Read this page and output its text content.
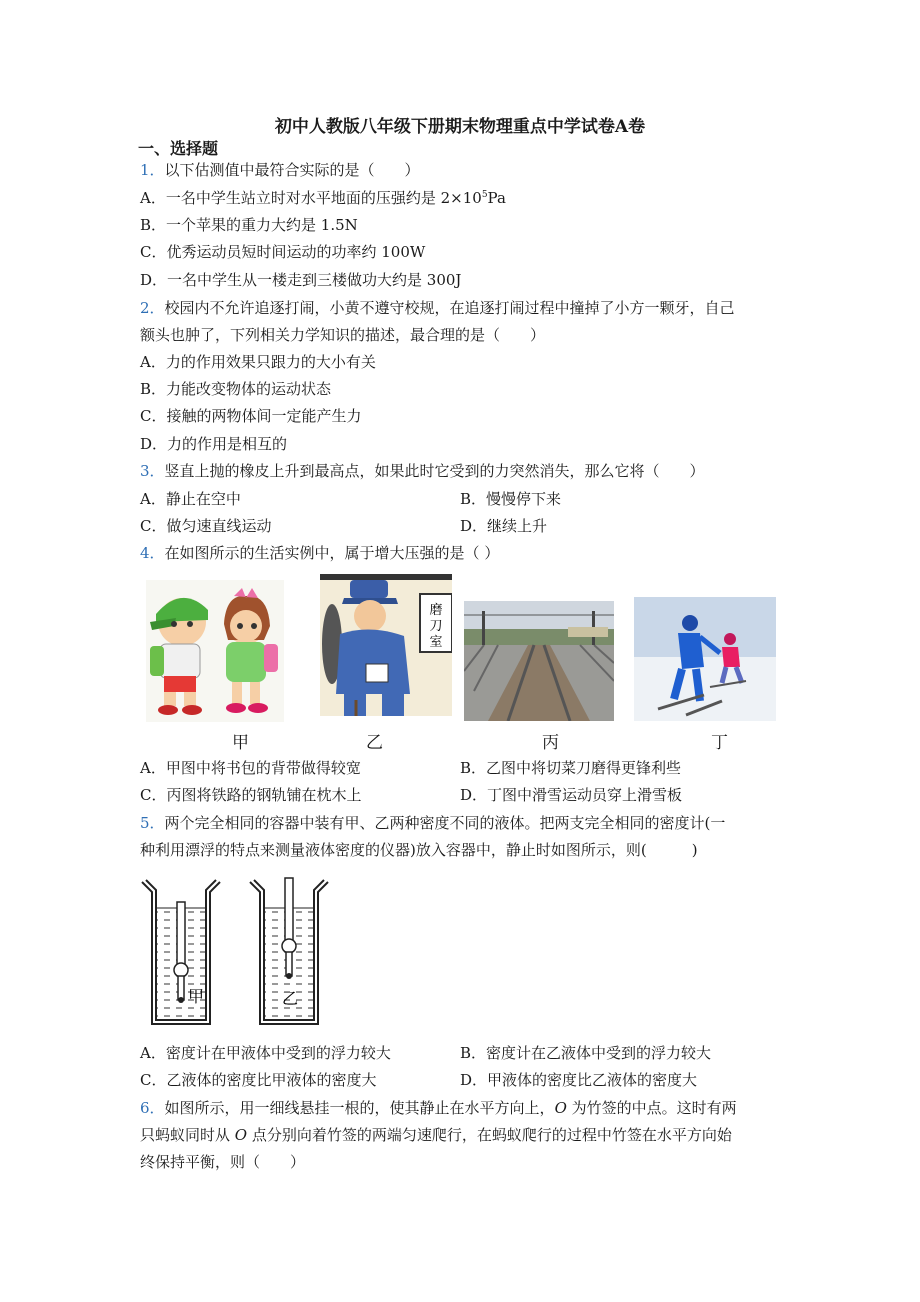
初中人教版八年级下册期末物理重点中学试卷A卷
一、选择题
1．以下估测值中最符合实际的是（　　）
A．一名中学生站立时对水平地面的压强约是 $2\times 10^5Pa$
B．一个苹果的重力大约是 1.5N
C．优秀运动员短时间运动的功率约 100W
D．一名中学生从一楼走到三楼做功大约是 300J
2．校园内不允许追逐打闹，小黄不遵守校规，在追逐打闹过程中撞掉了小方一颗牙，自己
额头也肿了，下列相关力学知识的描述，最合理的是（　　）
A．力的作用效果只跟力的大小有关
B．力能改变物体的运动状态
C．接触的两物体间一定能产生力
D．力的作用是相互的
3．竖直上抛的橡皮上升到最高点，如果此时它受到的力突然消失，那么它将（　　）
A．静止在空中	B．慢慢停下来
C．做匀速直线运动	D．继续上升
4．在如图所示的生活实例中，属于增大压强的是（ ）
磨
刀
室
甲	乙	丙	丁
A．甲图中将书包的背带做得较宽	B．乙图中将切菜刀磨得更锋利些
C．丙图将铁路的钢轨铺在枕木上	D．丁图中滑雪运动员穿上滑雪板
5．两个完全相同的容器中装有甲、乙两种密度不同的液体。把两支完全相同的密度计(一
种利用漂浮的特点来测量液体密度的仪器)放入容器中，静止时如图所示，则(　　　)
甲	乙
A．密度计在甲液体中受到的浮力较大	B．密度计在乙液体中受到的浮力较大
C．乙液体的密度比甲液体的密度大	D．甲液体的密度比乙液体的密度大
6．如图所示，用一细线悬挂一根的，使其静止在水平方向上，O 为竹签的中点。这时有两
只蚂蚁同时从 O 点分别向着竹签的两端匀速爬行，在蚂蚁爬行的过程中竹签在水平方向始
终保持平衡，则（　　）
